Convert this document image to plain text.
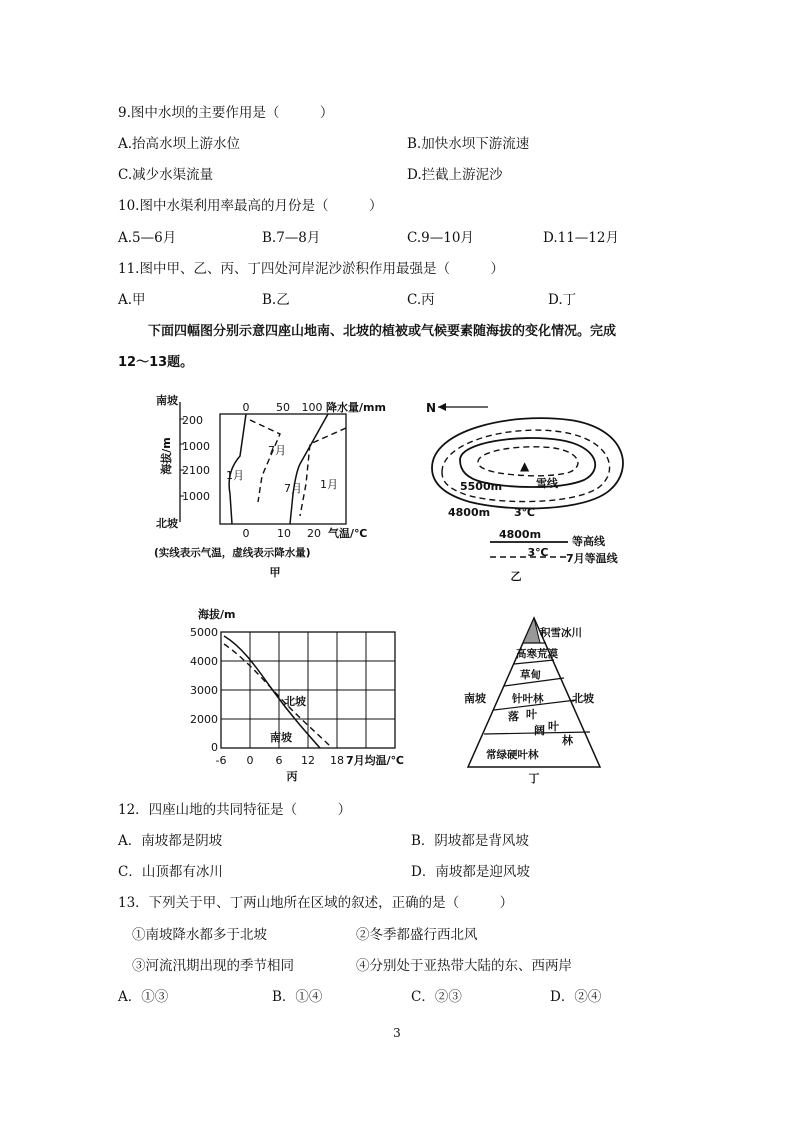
9.图中水坝的主要作用是（　　　）
A.抬高水坝上游水位	B.加快水坝下游流速
C.减少水渠流量	D.拦截上游泥沙
10.图中水渠利用率最高的月份是（　　　）
A.5—6月	B.7—8月	C.9—10月	D.11—12月
11.图中甲、乙、丙、丁四处河岸泥沙淤积作用最强是（　　　）
A.甲	B.乙	C.丙	D.丁
下面四幅图分别示意四座山地南、北坡的植被或气候要素随海拔的变化情况。完成
12～13题。
南坡
北坡
海拔/m
200
1000
2100
1000
0 50 100 降水量/mm
0	10 20 气温/℃
7月
1月
7月 1月
(实线表示气温，虚线表示降水量)
甲
N
▲
5500m	雪线
4800m 3℃
4800m
等高线
3℃ 7月等温线
乙
海拔/m
5000
4000
3000
2000
0
-6 0 6 12 18 7月均温/℃
北坡
南坡
丙
积雪冰川
高寒荒漠
草甸
针叶林
落 叶
阔 叶
林
常绿硬叶林
南坡	北坡
丁
12．四座山地的共同特征是（　　　）
A．南坡都是阴坡	B．阴坡都是背风坡
C．山顶都有冰川	D．南坡都是迎风坡
13．下列关于甲、丁两山地所在区域的叙述，正确的是（　　　）
①南坡降水都多于北坡	②冬季都盛行西北风
③河流汛期出现的季节相同	④分别处于亚热带大陆的东、西两岸
A．①③	B．①④	C．②③	D．②④
3
